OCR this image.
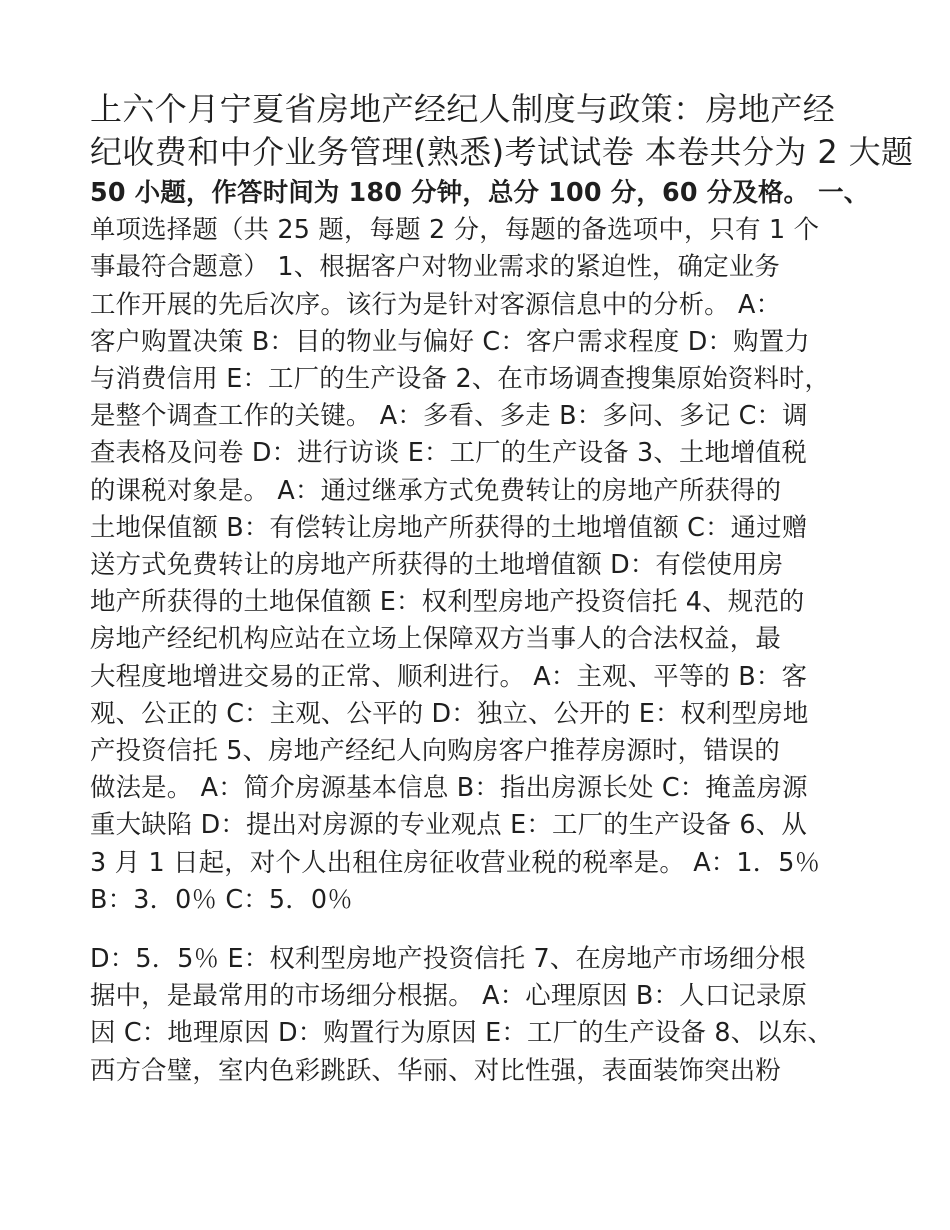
上六个月宁夏省房地产经纪人制度与政策：房地产经
纪收费和中介业务管理(熟悉)考试试卷 本卷共分为 2 大题
50 小题，作答时间为 180 分钟，总分 100 分，60 分及格。 一、
单项选择题（共 25 题，每题 2 分，每题的备选项中，只有 1 个
事最符合题意） 1、根据客户对物业需求的紧迫性，确定业务
工作开展的先后次序。该行为是针对客源信息中的分析。 A：
客户购置决策 B：目的物业与偏好 C：客户需求程度 D：购置力
与消费信用 E：工厂的生产设备 2、在市场调查搜集原始资料时，
是整个调查工作的关键。 A：多看、多走 B：多问、多记 C：调
查表格及问卷 D：进行访谈 E：工厂的生产设备 3、土地增值税
的课税对象是。 A：通过继承方式免费转让的房地产所获得的
土地保值额 B：有偿转让房地产所获得的土地增值额 C：通过赠
送方式免费转让的房地产所获得的土地增值额 D：有偿使用房
地产所获得的土地保值额 E：权利型房地产投资信托 4、规范的
房地产经纪机构应站在立场上保障双方当事人的合法权益，最
大程度地增进交易的正常、顺利进行。 A：主观、平等的 B：客
观、公正的 C：主观、公平的 D：独立、公开的 E：权利型房地
产投资信托 5、房地产经纪人向购房客户推荐房源时，错误的
做法是。 A：简介房源基本信息 B：指出房源长处 C：掩盖房源
重大缺陷 D：提出对房源的专业观点 E：工厂的生产设备 6、从
3 月 1 日起，对个人出租住房征收营业税的税率是。 A：1．5％
B：3．0％ C：5．0％
D：5．5％ E：权利型房地产投资信托 7、在房地产市场细分根
据中，是最常用的市场细分根据。 A：心理原因 B：人口记录原
因 C：地理原因 D：购置行为原因 E：工厂的生产设备 8、以东、
西方合璧，室内色彩跳跃、华丽、对比性强，表面装饰突出粉
